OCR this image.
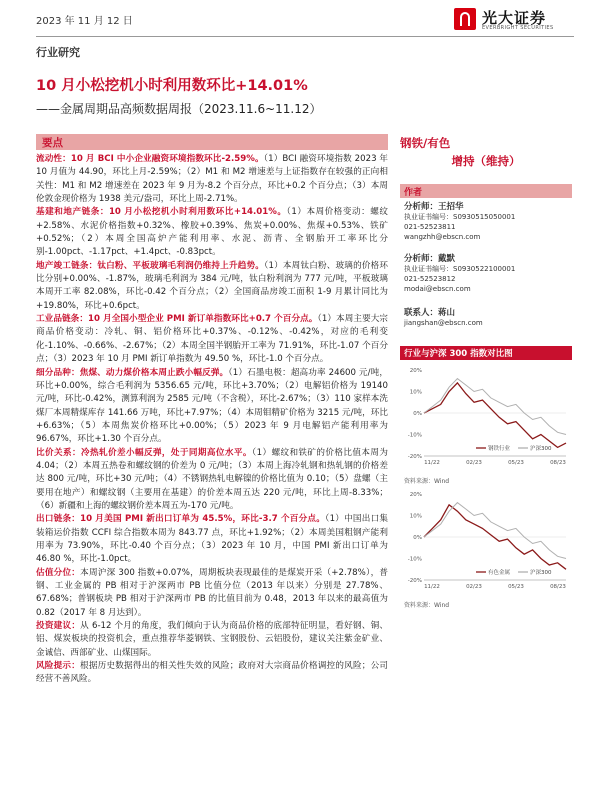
2023 年 11 月 12 日	光大证券
EVERBRIGHT SECURITIES
行业研究
10 月小松挖机小时利用数环比+14.01%
——金属周期品高频数据周报（2023.11.6~11.12）
要点

流动性：10 月 BCI 中小企业融资环境指数环比-2.59%。（1）BCI 融资环境指数 2023 年 10 月值为 44.90，环比上月-2.59%；（2）M1 和 M2 增速差与上证指数存在较强的正向相关性：M1 和 M2 增速差在 2023 年 9 月为-8.2 个百分点，环比+0.2 个百分点；（3）本周伦敦金现价格为 1938 美元/盎司，环比上周-2.71%。

基建和地产链条：10 月小松挖机小时利用数环比+14.01%。（1）本周价格变动：螺纹+2.58%、水泥价格指数+0.32%、橡胶+0.39%、焦炭+0.00%、焦煤+0.53%、铁矿+0.52%；（2）本周全国高炉产能利用率、水泥、沥青、全钢胎开工率环比分别-1.00pct、-1.17pct、+1.4pct、-0.83pct。

地产竣工链条：钛白粉、平板玻璃毛利润仍维持上升趋势。（1）本周钛白粉、玻璃的价格环比分别+0.00%、-1.87%，玻璃毛利润为 384 元/吨，钛白粉利润为 777 元/吨，平板玻璃本周开工率 82.08%，环比-0.42 个百分点；（2）全国商品房竣工面积 1-9 月累计同比为+19.80%，环比+0.6pct。

工业品链条：10 月全国小型企业 PMI 新订单指数环比+0.7 个百分点。（1）本周主要大宗商品价格变动：冷轧、铜、铝价格环比+0.37%、-0.12%、-0.42%，对应的毛利变化-1.10%、-0.66%、-2.67%；（2）本周全国半钢胎开工率为 71.91%，环比-1.07 个百分点；（3）2023 年 10 月 PMI 新订单指数为 49.50 %，环比-1.0 个百分点。

细分品种：焦煤、动力煤价格本周止跌小幅反弹。（1）石墨电极：超高功率 24600 元/吨，环比+0.00%，综合毛利润为 5356.65 元/吨，环比+3.70%；（2）电解铝价格为 19140 元/吨，环比-0.42%，测算利润为 2585 元/吨（不含税），环比-2.67%；（3）110 家样本洗煤厂本周精煤库存 141.66 万吨，环比+7.97%；（4）本周钼精矿价格为 3215 元/吨，环比+6.63%；（5）本周焦炭价格环比+0.00%；（5）2023 年 9 月电解铝产能利用率为 96.67%，环比+1.30 个百分点。

比价关系：冷热轧价差小幅反弹，处于同期高位水平。（1）螺纹和铁矿的价格比值本周为 4.04；（2）本周五热卷和螺纹钢的价差为 0 元/吨；（3）本周上海冷轧钢和热轧钢的价格差达 800 元/吨，环比+30 元/吨；（4）不锈钢热轧电解镍的价格比值为 0.10；（5）盘螺（主要用在地产）和螺纹钢（主要用在基建）的价差本周五达 220 元/吨，环比上周-8.33%；（6）新疆和上海的螺纹钢价差本周五为-170 元/吨。

出口链条：10 月美国 PMI 新出口订单为 45.5%，环比-3.7 个百分点。（1）中国出口集装箱运价指数 CCFI 综合指数本周为 843.77 点，环比+1.92%；（2）本周美国粗钢产能利用率为 73.90%，环比-0.40 个百分点；（3）2023 年 10 月，中国 PMI 新出口订单为 46.80 %，环比-1.0pct。

估值分位：本周沪深 300 指数+0.07%，周期板块表现最佳的是煤炭开采（+2.78%），普钢、工业金属的 PB 相对于沪深两市 PB 比值分位（2013 年以来）分别是 27.78%、67.68%；普钢板块 PB 相对于沪深两市 PB 的比值目前为 0.48，2013 年以来的最高值为 0.82（2017 年 8 月达到）。

投资建议：从 6-12 个月的角度，我们倾向于认为商品价格的底部特征明显，看好钢、铜、铝、煤炭板块的投资机会，重点推荐华菱钢铁、宝钢股份、云铝股份，建议关注紫金矿业、金诚信、西部矿业、山煤国际。

风险提示：根据历史数据得出的相关性失效的风险；政府对大宗商品价格调控的风险；公司经营不善风险。

钢铁/有色
增持（维持）
作者
分析师：王招华
执业证书编号：S0930515050001
021-52523811
wangzhh@ebscn.com
分析师：戴默
执业证书编号：S0930522100001
021-52523812
modai@ebscn.com
联系人：蒋山
jiangshan@ebscn.com
行业与沪深 300 指数对比图
20%
10%
0%
-10%
-20%
11/22	02/23	05/23	08/23
钢铁行业	沪深300
资料来源：Wind
20%
10%
0%
-10%
-20%
11/22	02/23	05/23	08/23
有色金属	沪深300
资料来源：Wind
